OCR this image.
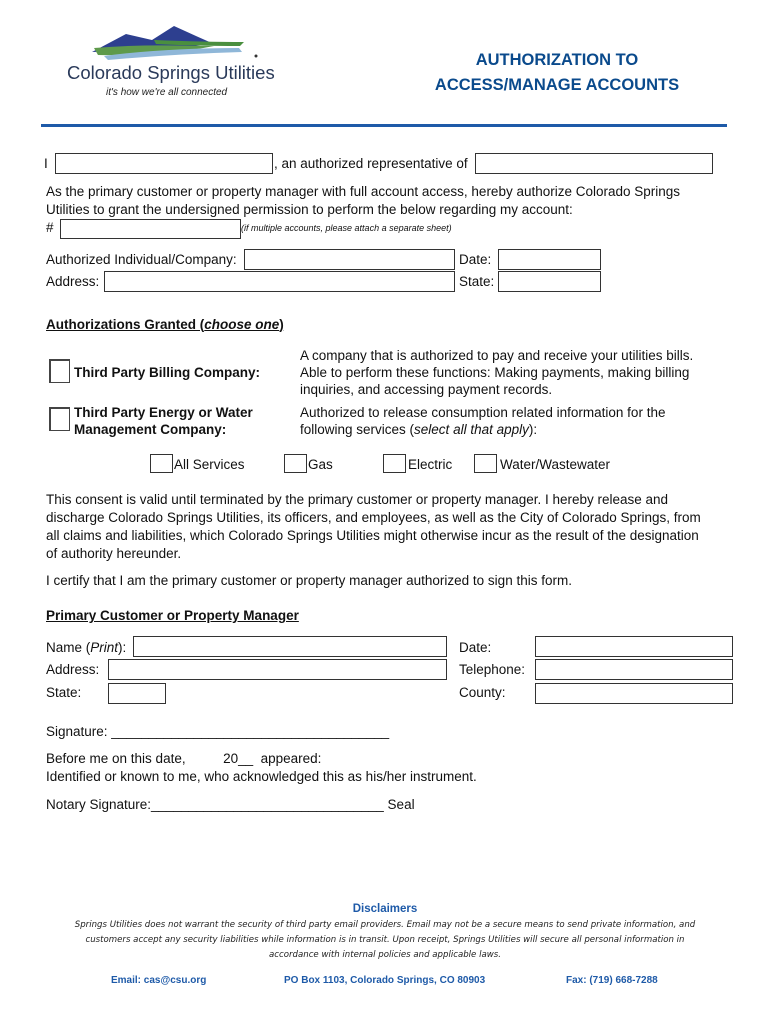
Colorado Springs Utilities
it's how we're all connected
AUTHORIZATION TO
ACCESS/MANAGE ACCOUNTS
I	, an authorized representative of
As the primary customer or property manager with full account access, hereby authorize Colorado Springs
Utilities to grant the undersigned permission to perform the below regarding my account:
#	(if multiple accounts, please attach a separate sheet)
Authorized Individual/Company:	Date:
Address:	State:
Authorizations Granted (choose one)
Third Party Billing Company:
A company that is authorized to pay and receive your utilities bills.
Able to perform these functions: Making payments, making billing
inquiries, and accessing payment records.
Third Party Energy or Water
Management Company:
Authorized to release consumption related information for the
following services (select all that apply):
All Services	Gas	Electric	Water/Wastewater
This consent is valid until terminated by the primary customer or property manager. I hereby release and
discharge Colorado Springs Utilities, its officers, and employees, as well as the City of Colorado Springs, from
all claims and liabilities, which Colorado Springs Utilities might otherwise incur as the result of the designation
of authority hereunder.
I certify that I am the primary customer or property manager authorized to sign this form.
Primary Customer or Property Manager
Name (Print):	Date:
Address:	Telephone:
State:	County:
Signature: _____________________________________
Before me on this date,          20__  appeared:
Identified or known to me, who acknowledged this as his/her instrument.
Notary Signature:_______________________________ Seal
Disclaimers
Springs Utilities does not warrant the security of third party email providers. Email may not be a secure means to send private information, and
customers accept any security liabilities while information is in transit. Upon receipt, Springs Utilities will secure all personal information in
accordance with internal policies and applicable laws.
Email: cas@csu.org	PO Box 1103, Colorado Springs, CO 80903	Fax: (719) 668-7288
